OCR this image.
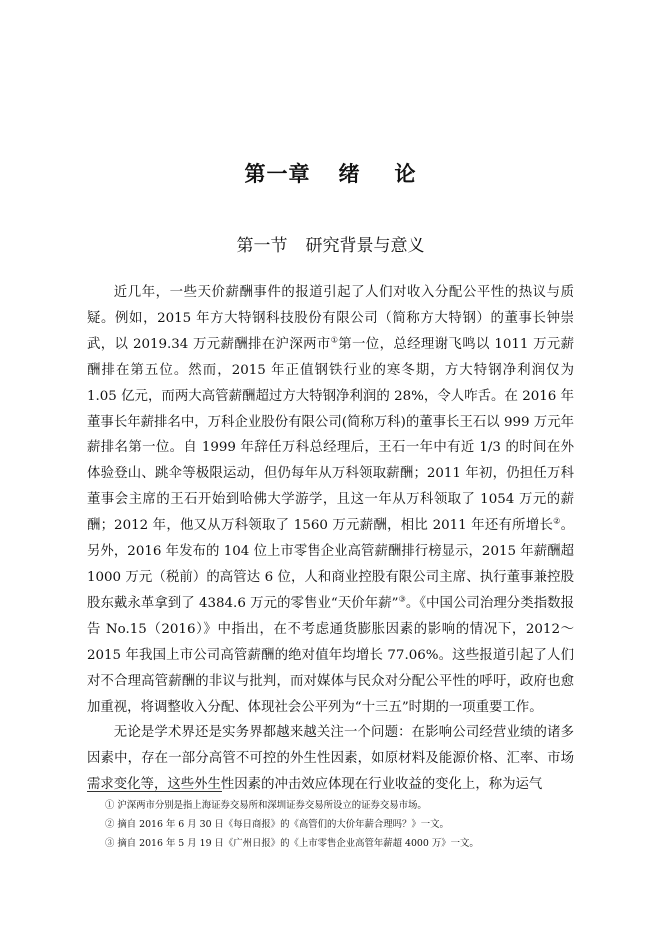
第一章 绪 论
第一节 研究背景与意义

近几年，一些天价薪酬事件的报道引起了人们对收入分配公平性的热议与质疑。例如，2015 年方大特钢科技股份有限公司（简称方大特钢）的董事长钟崇武，以 2019.34 万元薪酬排在沪深两市①第一位，总经理谢飞鸣以 1011 万元薪酬排在第五位。然而，2015 年正值钢铁行业的寒冬期，方大特钢净利润仅为 1.05 亿元，而两大高管薪酬超过方大特钢净利润的 28%，令人咋舌。在 2016 年董事长年薪排名中，万科企业股份有限公司(简称万科)的董事长王石以 999 万元年薪排名第一位。自 1999 年辞任万科总经理后，王石一年中有近 1/3 的时间在外体验登山、跳伞等极限运动，但仍每年从万科领取薪酬；2011 年初，仍担任万科董事会主席的王石开始到哈佛大学游学，且这一年从万科领取了 1054 万元的薪酬；2012 年，他又从万科领取了 1560 万元薪酬，相比 2011 年还有所增长②。另外，2016 年发布的 104 位上市零售企业高管薪酬排行榜显示，2015 年薪酬超 1000 万元（税前）的高管达 6 位，人和商业控股有限公司主席、执行董事兼控股股东戴永革拿到了 4384.6 万元的零售业“天价年薪”③。《中国公司治理分类指数报告 No.15（2016）》中指出，在不考虑通货膨胀因素的影响的情况下，2012～2015 年我国上市公司高管薪酬的绝对值年均增长 77.06%。这些报道引起了人们对不合理高管薪酬的非议与批判，而对媒体与民众对分配公平性的呼吁，政府也愈加重视，将调整收入分配、体现社会公平列为“十三五”时期的一项重要工作。

无论是学术界还是实务界都越来越关注一个问题：在影响公司经营业绩的诸多因素中，存在一部分高管不可控的外生性因素，如原材料及能源价格、汇率、市场需求变化等，这些外生性因素的冲击效应体现在行业收益的变化上，称为运气

① 沪深两市分别是指上海证券交易所和深圳证券交易所设立的证券交易市场。
② 摘自 2016 年 6 月 30 日《每日商报》的《高管们的大价年薪合理吗？》一文。
③ 摘自 2016 年 5 月 19 日《广州日报》的《上市零售企业高管年薪超 4000 万》一文。
